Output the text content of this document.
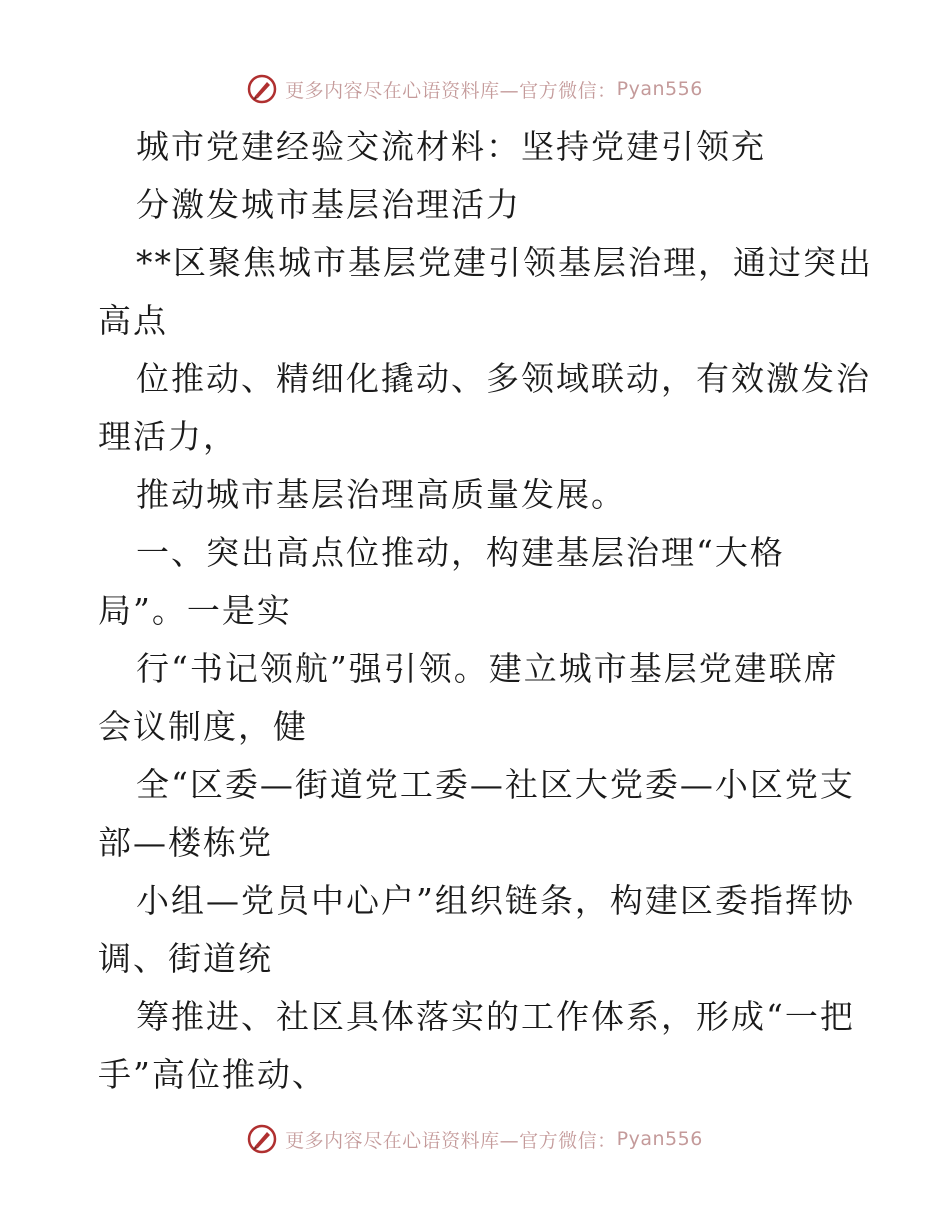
更多内容尽在心语资料库—官方微信： Pyan556
城市党建经验交流材料：坚持党建引领充
分激发城市基层治理活力
**区聚焦城市基层党建引领基层治理，通过突出
高点
位推动、精细化撬动、多领域联动，有效激发治
理活力，
推动城市基层治理高质量发展。
一、突出高点位推动，构建基层治理“大格
局”。一是实
行“书记领航”强引领。建立城市基层党建联席
会议制度，健
全“区委—街道党工委—社区大党委—小区党支
部—楼栋党
小组—党员中心户”组织链条，构建区委指挥协
调、街道统
筹推进、社区具体落实的工作体系，形成“一把
手”高位推动、
更多内容尽在心语资料库—官方微信： Pyan556
